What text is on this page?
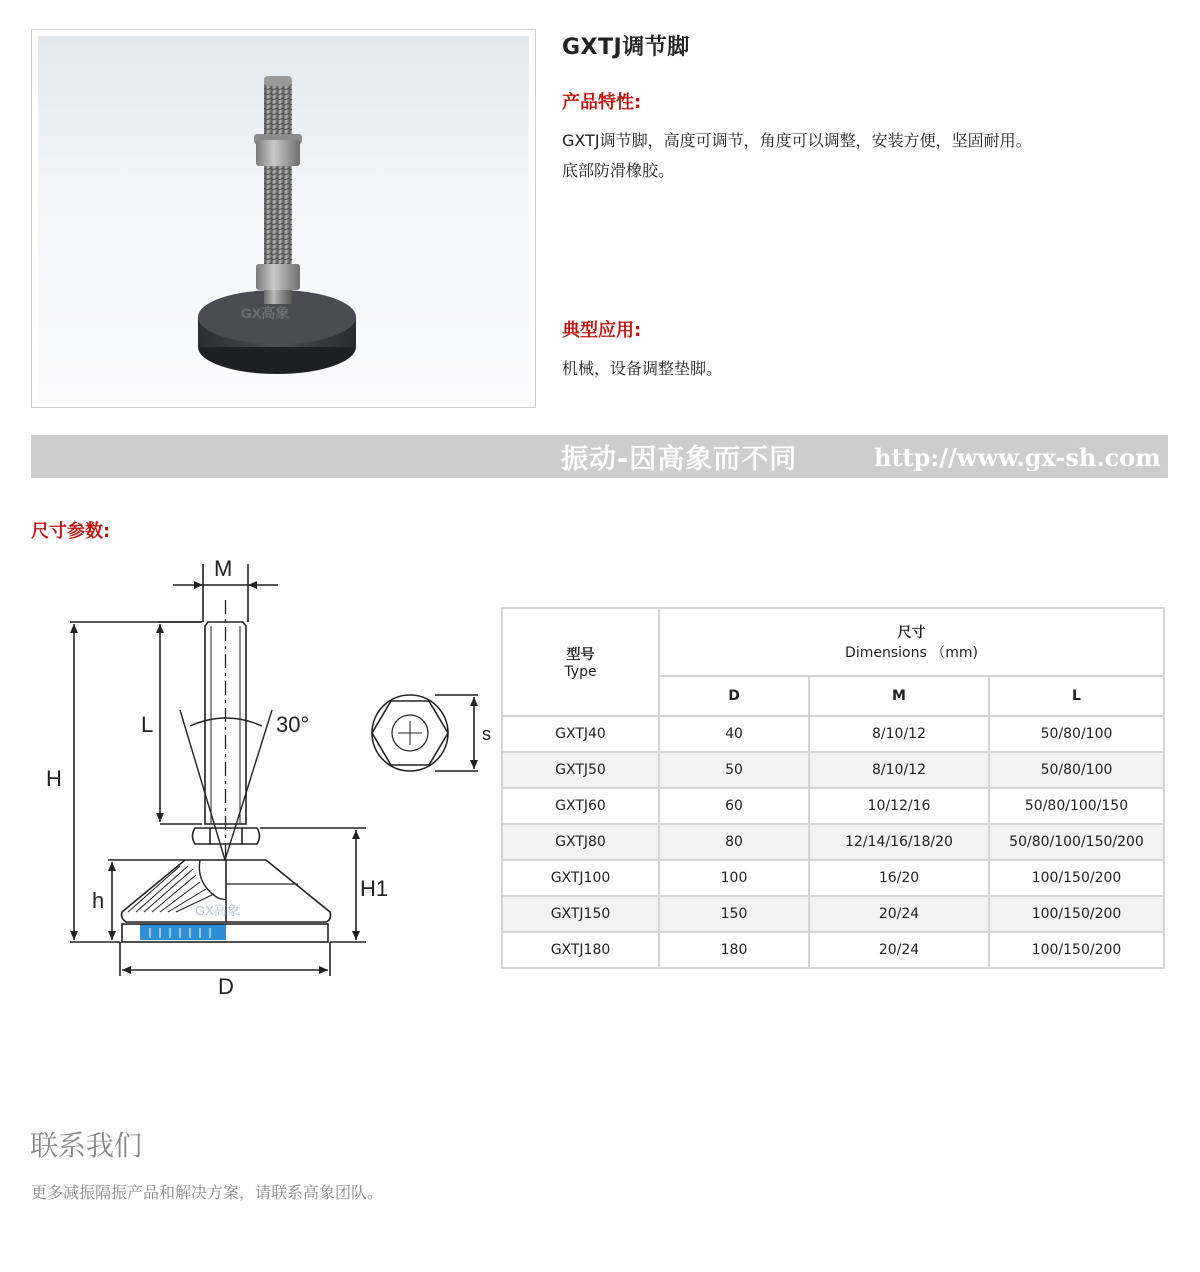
GX高象
GXTJ调节脚
产品特性:
GXTJ调节脚，高度可调节，角度可以调整，安装方便，坚固耐用。
底部防滑橡胶。
典型应用:
机械，设备调整垫脚。
振动-因高象而不同	http://www.gx-sh.com
尺寸参数:
GX高象
M
L	30°
H
h	H1
D
s
型号
Type	尺寸
Dimensions （mm)		
	D	M	L
GXTJ40	40	8/10/12	50/80/100
GXTJ50	50	8/10/12	50/80/100
GXTJ60	60	10/12/16	50/80/100/150
GXTJ80	80	12/14/16/18/20	50/80/100/150/200
GXTJ100	100	16/20	100/150/200
GXTJ150	150	20/24	100/150/200
GXTJ180	180	20/24	100/150/200
联系我们
更多减振隔振产品和解决方案，请联系高象团队。
